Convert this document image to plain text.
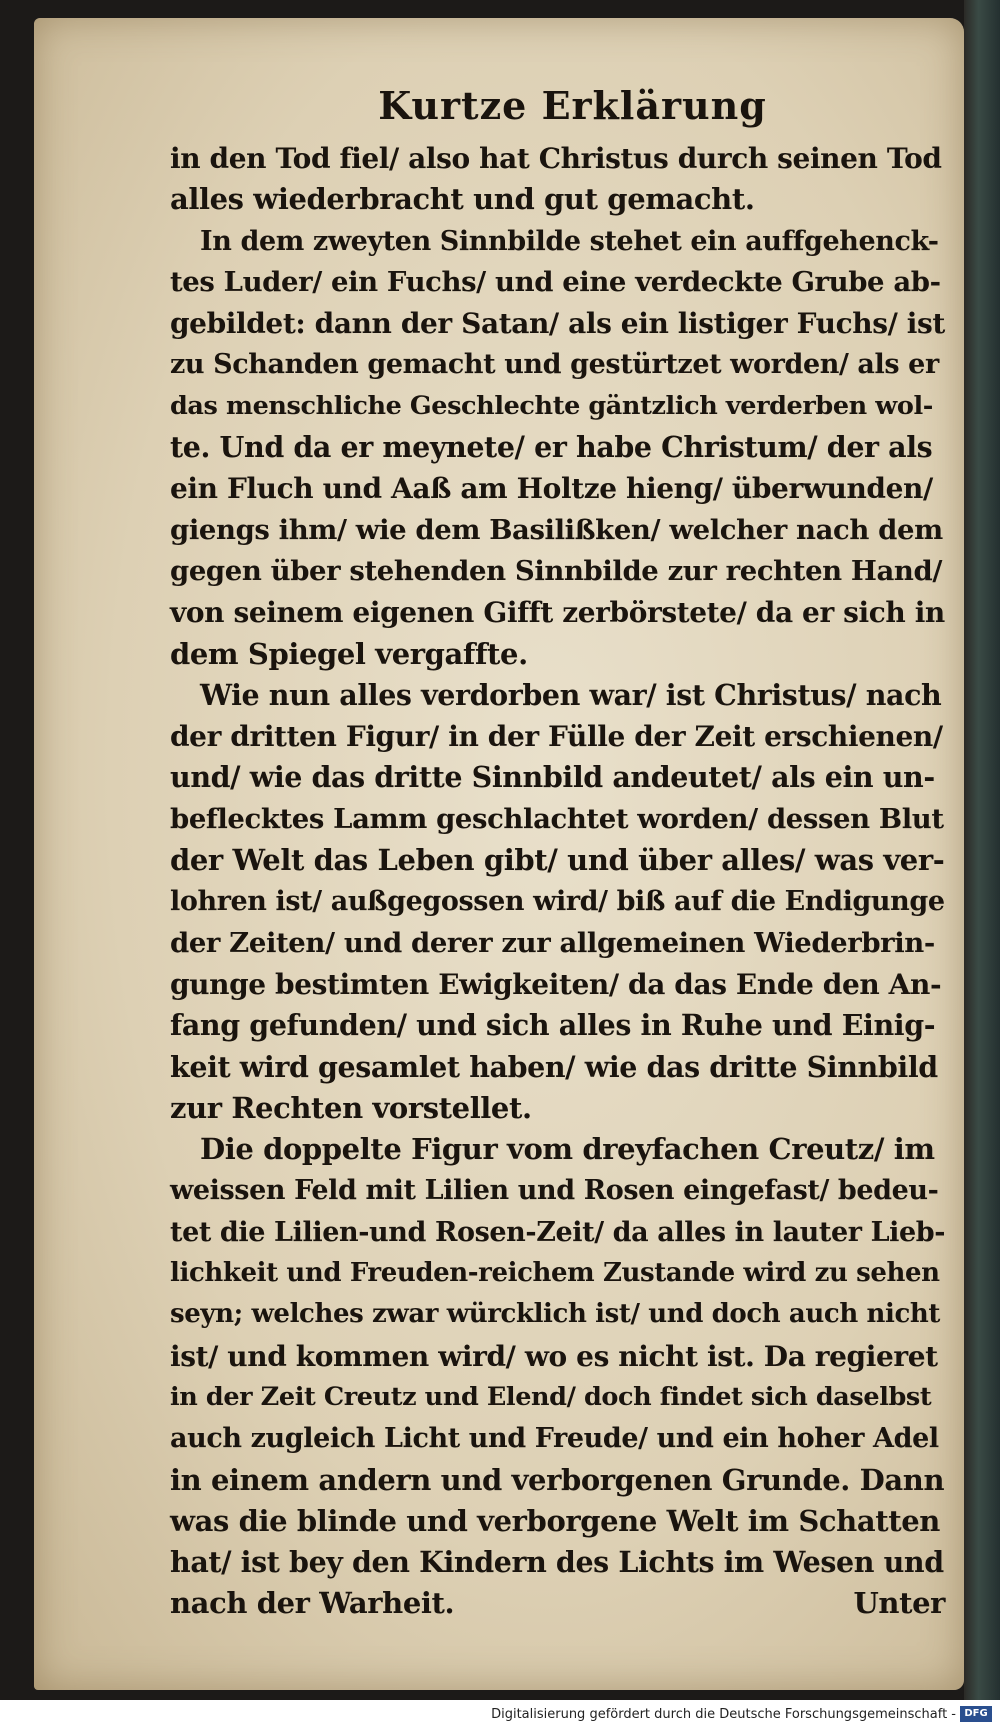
Kurtze Erklärung
in den Tod fiel/ also hat Christus durch seinen Tod
alles wiederbracht und gut gemacht.
In dem zweyten Sinnbilde stehet ein auffgehenck-
tes Luder/ ein Fuchs/ und eine verdeckte Grube ab-
gebildet: dann der Satan/ als ein listiger Fuchs/ ist
zu Schanden gemacht und gestürtzet worden/ als er
das menschliche Geschlechte gäntzlich verderben wol-
te. Und da er meynete/ er habe Christum/ der als
ein Fluch und Aaß am Holtze hieng/ überwunden/
giengs ihm/ wie dem Basilißken/ welcher nach dem
gegen über stehenden Sinnbilde zur rechten Hand/
von seinem eigenen Gifft zerbörstete/ da er sich in
dem Spiegel vergaffte.
Wie nun alles verdorben war/ ist Christus/ nach
der dritten Figur/ in der Fülle der Zeit erschienen/
und/ wie das dritte Sinnbild andeutet/ als ein un-
beflecktes Lamm geschlachtet worden/ dessen Blut
der Welt das Leben gibt/ und über alles/ was ver-
lohren ist/ außgegossen wird/ biß auf die Endigunge
der Zeiten/ und derer zur allgemeinen Wiederbrin-
gunge bestimten Ewigkeiten/ da das Ende den An-
fang gefunden/ und sich alles in Ruhe und Einig-
keit wird gesamlet haben/ wie das dritte Sinnbild
zur Rechten vorstellet.
Die doppelte Figur vom dreyfachen Creutz/ im
weissen Feld mit Lilien und Rosen eingefast/ bedeu-
tet die Lilien-und Rosen-Zeit/ da alles in lauter Lieb-
lichkeit und Freuden-reichem Zustande wird zu sehen
seyn; welches zwar würcklich ist/ und doch auch nicht
ist/ und kommen wird/ wo es nicht ist. Da regieret
in der Zeit Creutz und Elend/ doch findet sich daselbst
auch zugleich Licht und Freude/ und ein hoher Adel
in einem andern und verborgenen Grunde. Dann
was die blinde und verborgene Welt im Schatten
hat/ ist bey den Kindern des Lichts im Wesen und
nach der Warheit.	Unter
Digitalisierung gefördert durch die Deutsche Forschungsgemeinschaft - DFG
